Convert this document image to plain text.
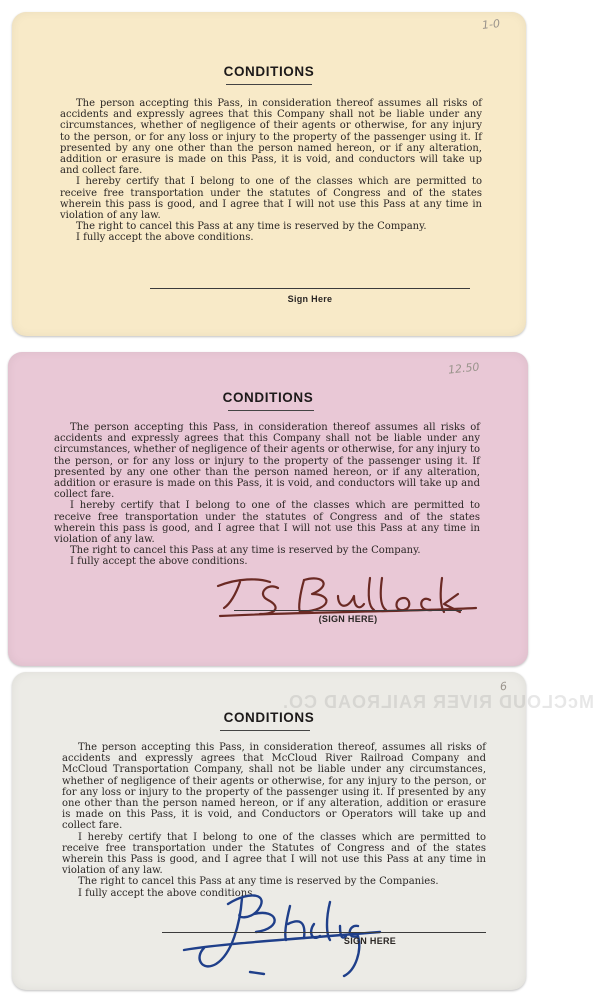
1-0
CONDITIONS

The person accepting this Pass, in consideration thereof assumes all risks of accidents and expressly agrees that this Company shall not be liable under any circumstances, whether of negligence of their agents or otherwise, for any injury to the person, or for any loss or injury to the property of the passenger using it. If presented by any one other than the person named hereon, or if any alteration, addition or erasure is made on this Pass, it is void, and conductors will take up and collect fare.

I hereby certify that I belong to one of the classes which are permitted to receive free transportation under the statutes of Congress and of the states wherein this pass is good, and I agree that I will not use this Pass at any time in violation of any law.

The right to cancel this Pass at any time is reserved by the Company.

I fully accept the above conditions.

Sign Here
12.50
CONDITIONS

The person accepting this Pass, in consideration thereof assumes all risks of accidents and expressly agrees that this Company shall not be liable under any circumstances, whether of negligence of their agents or otherwise, for any injury to the person, or for any loss or injury to the property of the passenger using it. If presented by any one other than the person named hereon, or if any alteration, addition or erasure is made on this Pass, it is void, and conductors will take up and collect fare.

I hereby certify that I belong to one of the classes which are permitted to receive free transportation under the statutes of Congress and of the states wherein this pass is good, and I agree that I will not use this Pass at any time in violation of any law.

The right to cancel this Pass at any time is reserved by the Company.

I fully accept the above conditions.

(SIGN HERE)
McCLOUD RIVER RAILROAD CO.
6
CONDITIONS

The person accepting this Pass, in consideration thereof, assumes all risks of accidents and expressly agrees that McCloud River Railroad Company and McCloud Transportation Company, shall not be liable under any circumstances, whether of negligence of their agents or otherwise, for any injury to the person, or for any loss or injury to the property of the passenger using it. If presented by any one other than the person named hereon, or if any alteration, addition or erasure is made on this Pass, it is void, and Conductors or Operators will take up and collect fare.

I hereby certify that I belong to one of the classes which are permitted to receive free transportation under the Statutes of Congress and of the states wherein this Pass is good, and I agree that I will not use this Pass at any time in violation of any law.

The right to cancel this Pass at any time is reserved by the Companies.

I fully accept the above conditions.

SIGN HERE
